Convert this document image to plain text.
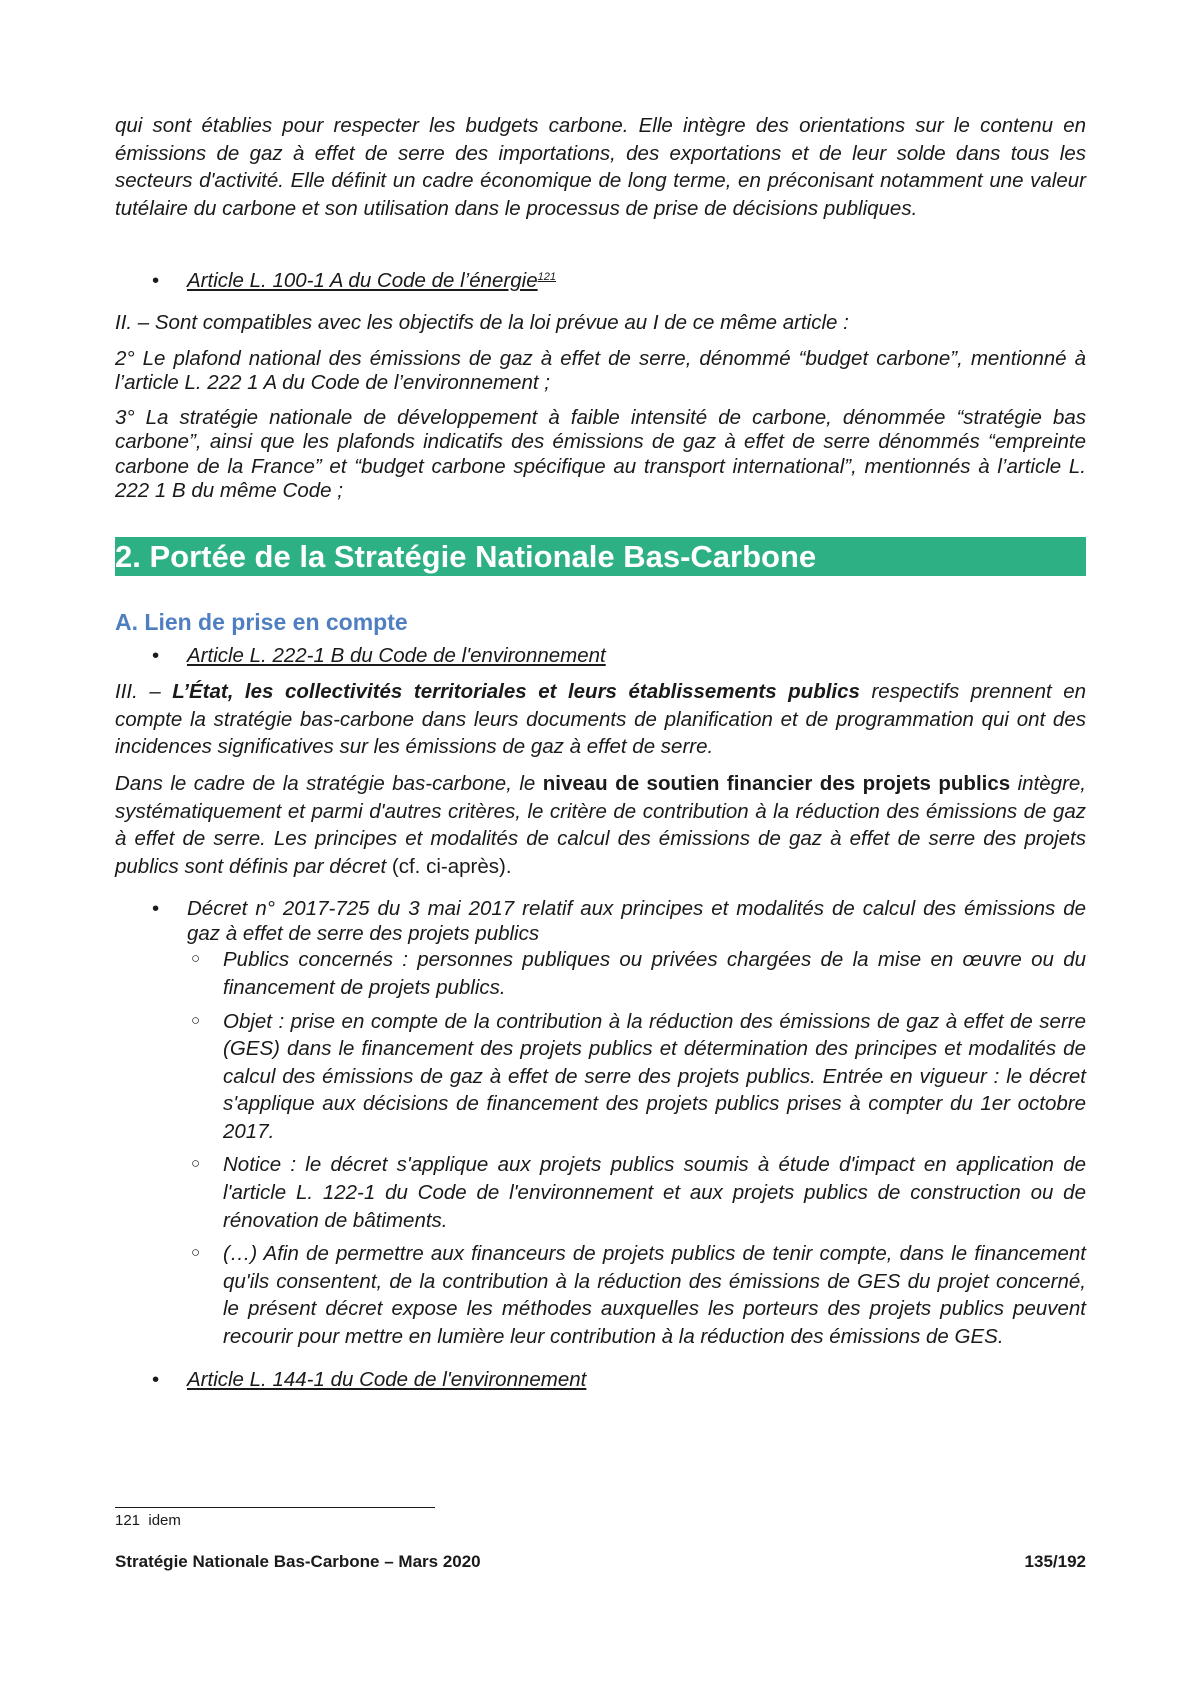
qui sont établies pour respecter les budgets carbone. Elle intègre des orientations sur le contenu en émissions de gaz à effet de serre des importations, des exportations et de leur solde dans tous les secteurs d'activité. Elle définit un cadre économique de long terme, en préconisant notamment une valeur tutélaire du carbone et son utilisation dans le processus de prise de décisions publiques.

• Article L. 100-1 A du Code de l’énergie$^{121}$

II. – Sont compatibles avec les objectifs de la loi prévue au I de ce même article :

2° Le plafond national des émissions de gaz à effet de serre, dénommé “budget carbone”, mentionné à l’article L. 222 1 A du Code de l’environnement ;

3° La stratégie nationale de développement à faible intensité de carbone, dénommée “stratégie bas carbone”, ainsi que les plafonds indicatifs des émissions de gaz à effet de serre dénommés “empreinte carbone de la France” et “budget carbone spécifique au transport international”, mentionnés à l’article L. 222 1 B du même Code ;

2. Portée de la Stratégie Nationale Bas-Carbone
A. Lien de prise en compte
• Article L. 222-1 B du Code de l'environnement

III. – L’État, les collectivités territoriales et leurs établissements publics respectifs prennent en compte la stratégie bas-carbone dans leurs documents de planification et de programmation qui ont des incidences significatives sur les émissions de gaz à effet de serre.

Dans le cadre de la stratégie bas-carbone, le niveau de soutien financier des projets publics intègre, systématiquement et parmi d'autres critères, le critère de contribution à la réduction des émissions de gaz à effet de serre. Les principes et modalités de calcul des émissions de gaz à effet de serre des projets publics sont définis par décret (cf. ci-après).

• Décret n° 2017-725 du 3 mai 2017 relatif aux principes et modalités de calcul des émissions de gaz à effet de serre des projets publics
○ Publics concernés : personnes publiques ou privées chargées de la mise en œuvre ou du financement de projets publics.
○ Objet : prise en compte de la contribution à la réduction des émissions de gaz à effet de serre (GES) dans le financement des projets publics et détermination des principes et modalités de calcul des émissions de gaz à effet de serre des projets publics. Entrée en vigueur : le décret s'applique aux décisions de financement des projets publics prises à compter du 1er octobre 2017.
○ Notice : le décret s'applique aux projets publics soumis à étude d'impact en application de l'article L. 122-1 du Code de l'environnement et aux projets publics de construction ou de rénovation de bâtiments.
○ (…) Afin de permettre aux financeurs de projets publics de tenir compte, dans le financement qu'ils consentent, de la contribution à la réduction des émissions de GES du projet concerné, le présent décret expose les méthodes auxquelles les porteurs des projets publics peuvent recourir pour mettre en lumière leur contribution à la réduction des émissions de GES.
• Article L. 144-1 du Code de l'environnement
121 idem
Stratégie Nationale Bas-Carbone – Mars 2020	135/192
